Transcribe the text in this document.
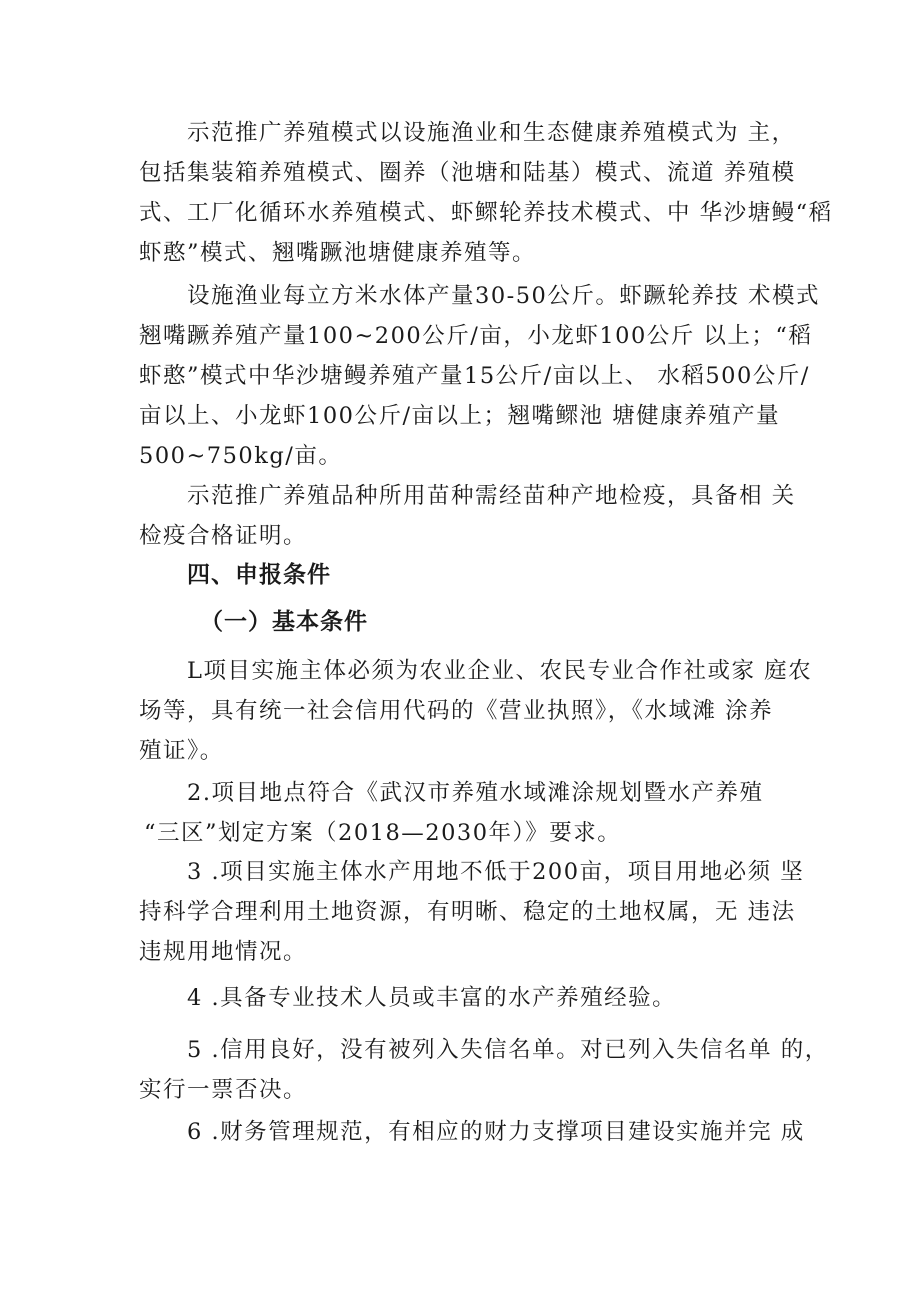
示范推广养殖模式以设施渔业和生态健康养殖模式为 主，
包括集装箱养殖模式、圈养（池塘和陆基）模式、流道 养殖模
式、工厂化循环水养殖模式、虾鳏轮养技术模式、中 华沙塘鳗“稻
虾憨”模式、翘嘴蹶池塘健康养殖等。
设施渔业每立方米水体产量30-50公斤。虾蹶轮养技 术模式
翘嘴蹶养殖产量100~200公斤/亩，小龙虾100公斤 以上；“稻
虾憨”模式中华沙塘鳗养殖产量15公斤/亩以上、 水稻500公斤/
亩以上、小龙虾100公斤/亩以上；翘嘴鳏池 塘健康养殖产量
500~750kg/亩。
示范推广养殖品种所用苗种需经苗种产地检疫，具备相 关
检疫合格证明。
四、申报条件
（一）基本条件
L项目实施主体必须为农业企业、农民专业合作社或家 庭农
场等，具有统一社会信用代码的《营业执照》，《水域滩 涂养
殖证》。
2.项目地点符合《武汉市养殖水域滩涂规划暨水产养殖
“三区”划定方案（2018—2030年）》要求。
3 .项目实施主体水产用地不低于200亩，项目用地必须 坚
持科学合理利用土地资源，有明晰、稳定的土地权属，无 违法
违规用地情况。
4 .具备专业技术人员或丰富的水产养殖经验。
5 .信用良好，没有被列入失信名单。对已列入失信名单 的，
实行一票否决。
6 .财务管理规范，有相应的财力支撑项目建设实施并完 成
